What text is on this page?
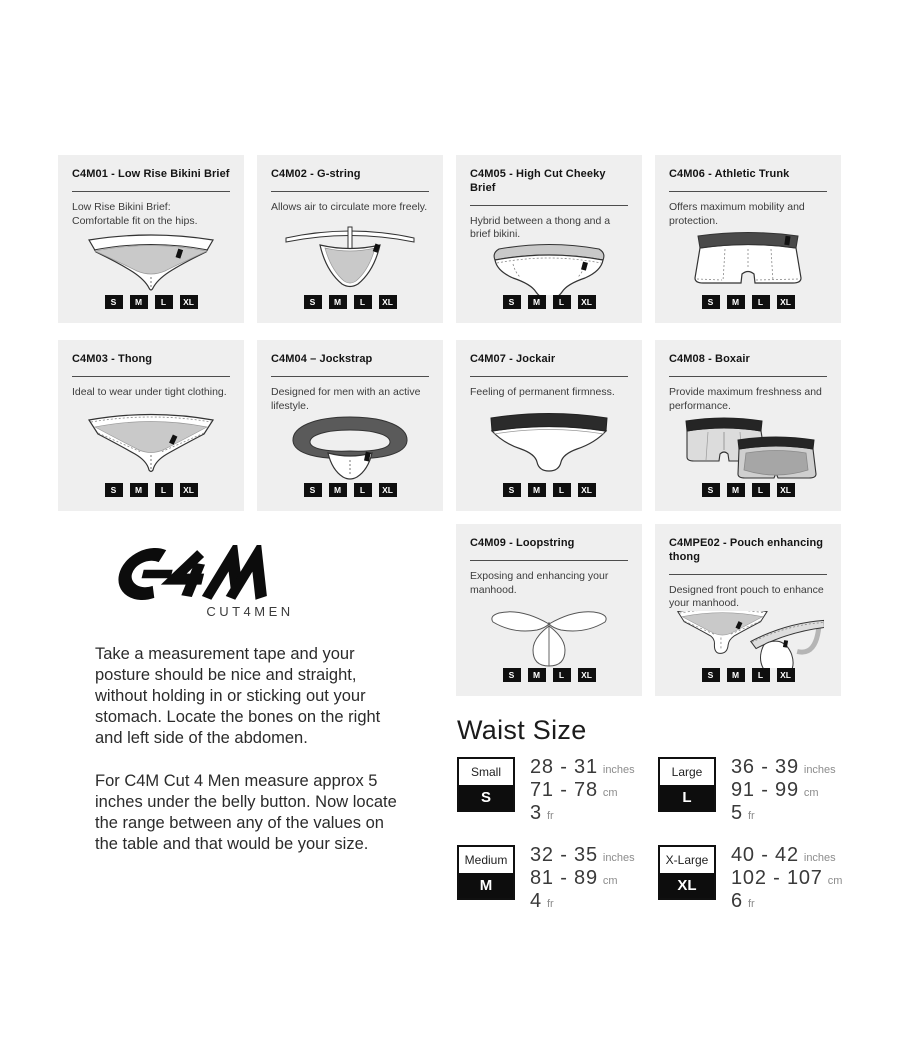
C4M01 - Low Rise Bikini Brief

Low Rise Bikini Brief: Comfortable fit on the hips.

S	M	L	XL
C4M02 - G-string

Allows air to circulate more freely.

S	M	L	XL
C4M05 - High Cut Cheeky Brief

Hybrid between a thong and a brief bikini.

S	M	L	XL
C4M06 - Athletic Trunk

Offers maximum mobility and protection.

S	M	L	XL
C4M03 - Thong

Ideal to wear under tight clothing.

S	M	L	XL
C4M04 – Jockstrap

Designed for men with an active lifestyle.

S	M	L	XL
C4M07 - Jockair

Feeling of permanent firmness.

S	M	L	XL
C4M08 - Boxair

Provide maximum freshness and performance.

S	M	L	XL
C4M09 - Loopstring

Exposing and enhancing your manhood.

S	M	L	XL
C4MPE02 - Pouch enhancing thong

Designed front pouch to enhance your manhood.

S	M	L	XL
CUT4MEN

Take a measurement tape and your posture should be nice and straight, without holding in or sticking out your stomach. Locate the bones on the right and left side of the abdomen.

For C4M Cut 4 Men measure approx 5 inches under the belly button. Now locate the range between any of the values on the table and that would be your size.

Waist Size
Small
S
28 - 31 inches
71 - 78 cm
3 fr
Large
L
36 - 39 inches
91 - 99 cm
5 fr
Medium
M
32 - 35 inches
81 - 89 cm
4 fr
X-Large
XL
40 - 42 inches
102 - 107 cm
6 fr
